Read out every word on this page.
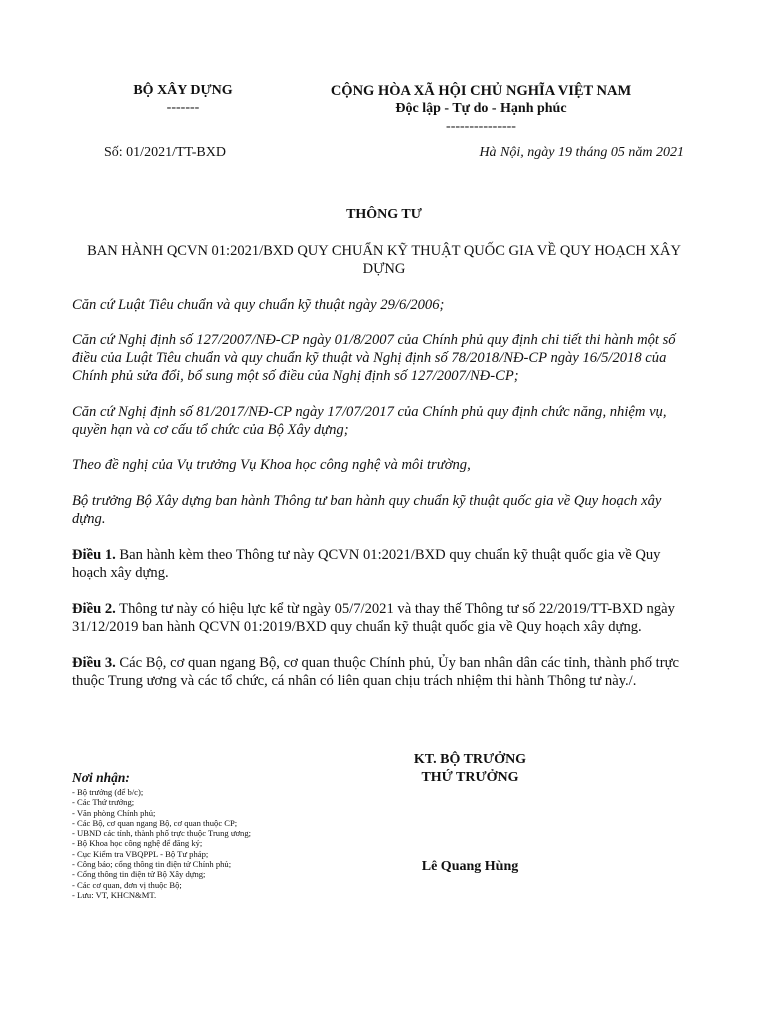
BỘ XÂY DỰNG
-------
CỘNG HÒA XÃ HỘI CHỦ NGHĨA VIỆT NAM
Độc lập - Tự do - Hạnh phúc
---------------
Số: 01/2021/TT-BXD	Hà Nội, ngày 19 tháng 05 năm 2021
THÔNG TƯ
BAN HÀNH QCVN 01:2021/BXD QUY CHUẨN KỸ THUẬT QUỐC GIA VỀ QUY HOẠCH XÂY DỰNG

Căn cứ Luật Tiêu chuẩn và quy chuẩn kỹ thuật ngày 29/6/2006;

Căn cứ Nghị định số 127/2007/NĐ-CP ngày 01/8/2007 của Chính phủ quy định chi tiết thi hành một số điều của Luật Tiêu chuẩn và quy chuẩn kỹ thuật và Nghị định số 78/2018/NĐ-CP ngày 16/5/2018 của Chính phủ sửa đổi, bổ sung một số điều của Nghị định số 127/2007/NĐ-CP;

Căn cứ Nghị định số 81/2017/NĐ-CP ngày 17/07/2017 của Chính phủ quy định chức năng, nhiệm vụ, quyền hạn và cơ cấu tổ chức của Bộ Xây dựng;

Theo đề nghị của Vụ trưởng Vụ Khoa học công nghệ và môi trường,

Bộ trưởng Bộ Xây dựng ban hành Thông tư ban hành quy chuẩn kỹ thuật quốc gia về Quy hoạch xây dựng.

Điều 1. Ban hành kèm theo Thông tư này QCVN 01:2021/BXD quy chuẩn kỹ thuật quốc gia về Quy hoạch xây dựng.

Điều 2. Thông tư này có hiệu lực kể từ ngày 05/7/2021 và thay thế Thông tư số 22/2019/TT-BXD ngày 31/12/2019 ban hành QCVN 01:2019/BXD quy chuẩn kỹ thuật quốc gia về Quy hoạch xây dựng.

Điều 3. Các Bộ, cơ quan ngang Bộ, cơ quan thuộc Chính phủ, Ủy ban nhân dân các tỉnh, thành phố trực thuộc Trung ương và các tổ chức, cá nhân có liên quan chịu trách nhiệm thi hành Thông tư này./.

KT. BỘ TRƯỞNG
THỨ TRƯỞNG
Lê Quang Hùng
Nơi nhận:
- Bộ trưởng (để b/c);
- Các Thứ trưởng;
- Văn phòng Chính phủ;
- Các Bộ, cơ quan ngang Bộ, cơ quan thuộc CP;
- UBND các tỉnh, thành phố trực thuộc Trung ương;
- Bộ Khoa học công nghệ để đăng ký;
- Cục Kiểm tra VBQPPL - Bộ Tư pháp;
- Công báo; cổng thông tin điện tử Chính phủ;
- Cổng thông tin điện tử Bộ Xây dựng;
- Các cơ quan, đơn vị thuộc Bộ;
- Lưu: VT, KHCN&MT.
